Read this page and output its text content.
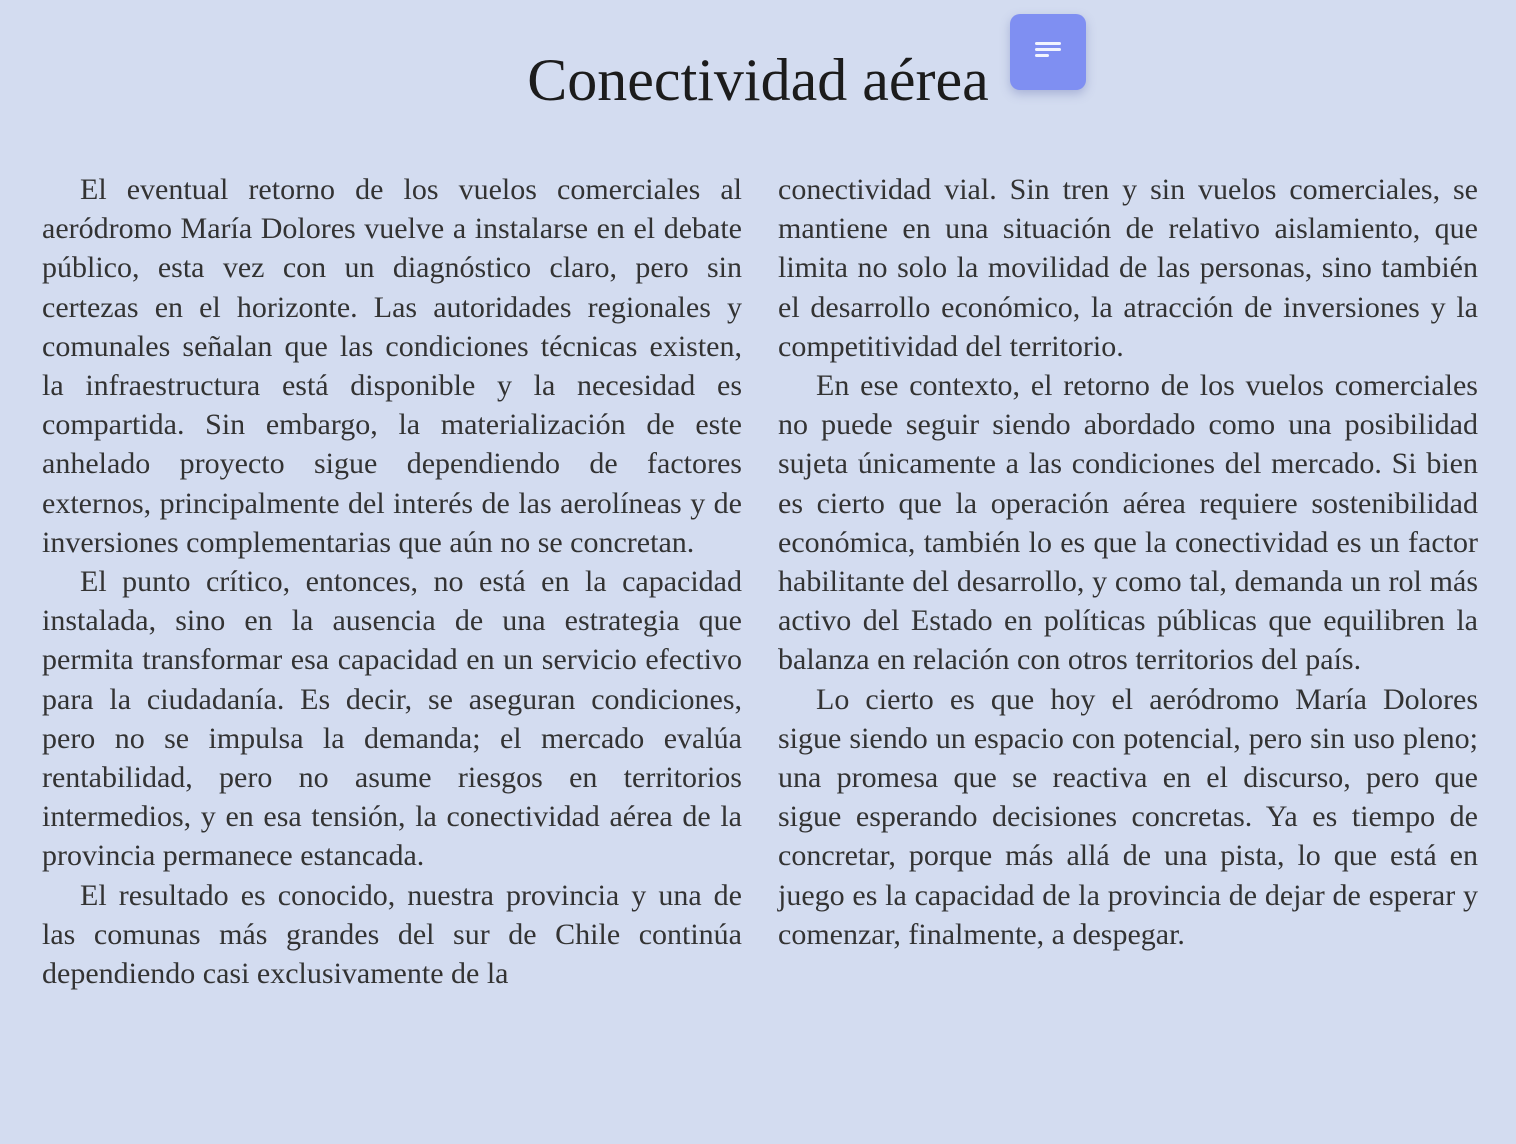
Conectividad aérea

El eventual retorno de los vuelos comerciales al aeródromo María Dolores vuelve a instalarse en el debate público, esta vez con un diagnóstico claro, pero sin certezas en el horizonte. Las autoridades regionales y comunales señalan que las condiciones técnicas existen, la infraestructura está disponible y la necesidad es compartida. Sin embargo, la materialización de este anhelado proyecto sigue dependiendo de factores externos, principalmente del interés de las aerolíneas y de inversiones complementarias que aún no se concretan.

El punto crítico, entonces, no está en la capacidad instalada, sino en la ausencia de una estrategia que permita transformar esa capacidad en un servicio efectivo para la ciudadanía. Es decir, se aseguran condiciones, pero no se impulsa la demanda; el mercado evalúa rentabilidad, pero no asume riesgos en territorios intermedios, y en esa tensión, la conectividad aérea de la provincia permanece estancada.

El resultado es conocido, nuestra provincia y una de las comunas más grandes del sur de Chile continúa dependiendo casi exclusivamente de la

conectividad vial. Sin tren y sin vuelos comerciales, se mantiene en una situación de relativo aislamiento, que limita no solo la movilidad de las personas, sino también el desarrollo económico, la atracción de inversiones y la competitividad del territorio.

En ese contexto, el retorno de los vuelos comerciales no puede seguir siendo abordado como una posibilidad sujeta únicamente a las condiciones del mercado. Si bien es cierto que la operación aérea requiere sostenibilidad económica, también lo es que la conectividad es un factor habilitante del desarrollo, y como tal, demanda un rol más activo del Estado en políticas públicas que equilibren la balanza en relación con otros territorios del país.

Lo cierto es que hoy el aeródromo María Dolores sigue siendo un espacio con potencial, pero sin uso pleno; una promesa que se reactiva en el discurso, pero que sigue esperando decisiones concretas. Ya es tiempo de concretar, porque más allá de una pista, lo que está en juego es la capacidad de la provincia de dejar de esperar y comenzar, finalmente, a despegar.
